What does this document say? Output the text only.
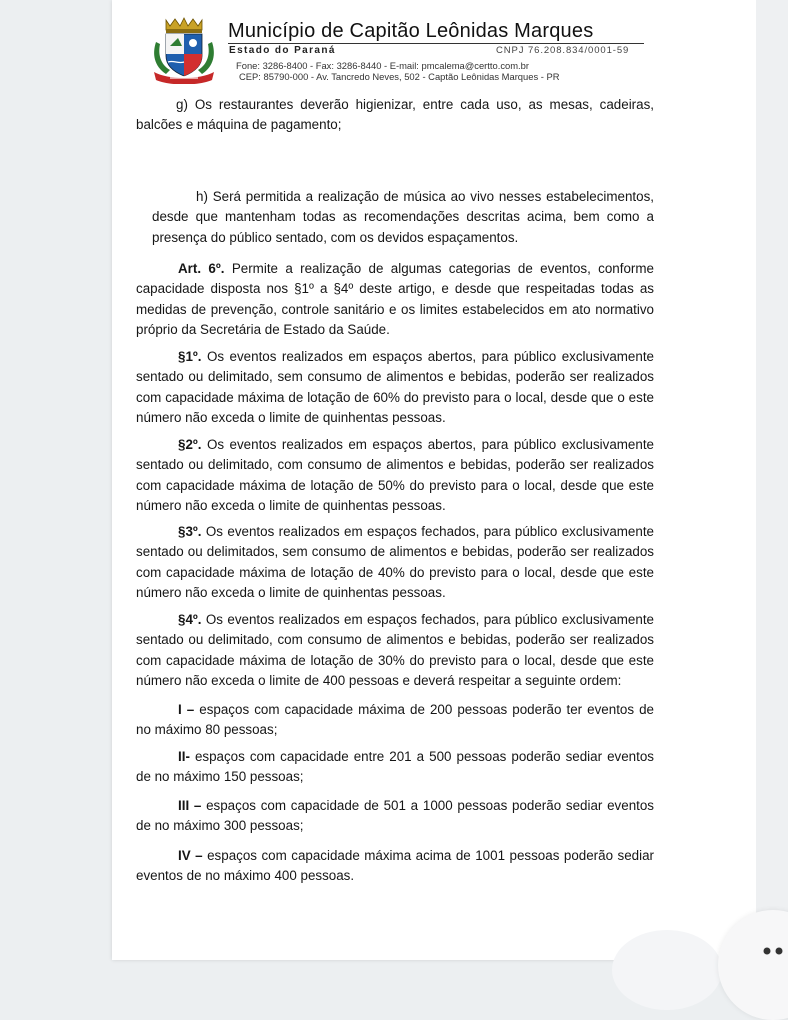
Município de Capitão Leônidas Marques
Estado do Paraná	CNPJ 76.208.834/0001-59
Fone: 3286-8400 - Fax: 3286-8440 - E-mail: pmcalema@certto.com.br
CEP: 85790-000 - Av. Tancredo Neves, 502 - Captão Leônidas Marques - PR

g) Os restaurantes deverão higienizar, entre cada uso, as mesas, cadeiras, balcões e máquina de pagamento;

h) Será permitida a realização de música ao vivo nesses estabelecimentos, desde que mantenham todas as recomendações descritas acima, bem como a presença do público sentado, com os devidos espaçamentos.

Art. 6º. Permite a realização de algumas categorias de eventos, conforme capacidade disposta nos §1º a §4º deste artigo, e desde que respeitadas todas as medidas de prevenção, controle sanitário e os limites estabelecidos em ato normativo próprio da Secretária de Estado da Saúde.

§1º. Os eventos realizados em espaços abertos, para público exclusivamente sentado ou delimitado, sem consumo de alimentos e bebidas, poderão ser realizados com capacidade máxima de lotação de 60% do previsto para o local, desde que o este número não exceda o limite de quinhentas pessoas.

§2º. Os eventos realizados em espaços abertos, para público exclusivamente sentado ou delimitado, com consumo de alimentos e bebidas, poderão ser realizados com capacidade máxima de lotação de 50% do previsto para o local, desde que este número não exceda o limite de quinhentas pessoas.

§3º. Os eventos realizados em espaços fechados, para público exclusivamente sentado ou delimitados, sem consumo de alimentos e bebidas, poderão ser realizados com capacidade máxima de lotação de 40% do previsto para o local, desde que este número não exceda o limite de quinhentas pessoas.

§4º. Os eventos realizados em espaços fechados, para público exclusivamente sentado ou delimitado, com consumo de alimentos e bebidas, poderão ser realizados com capacidade máxima de lotação de 30% do previsto para o local, desde que este número não exceda o limite de 400 pessoas e deverá respeitar a seguinte ordem:

I – espaços com capacidade máxima de 200 pessoas poderão ter eventos de no máximo 80 pessoas;

II- espaços com capacidade entre 201 a 500 pessoas poderão sediar eventos de no máximo 150 pessoas;

III – espaços com capacidade de 501 a 1000 pessoas poderão sediar eventos de no máximo 300 pessoas;

IV – espaços com capacidade máxima acima de 1001 pessoas poderão sediar eventos de no máximo 400 pessoas.
